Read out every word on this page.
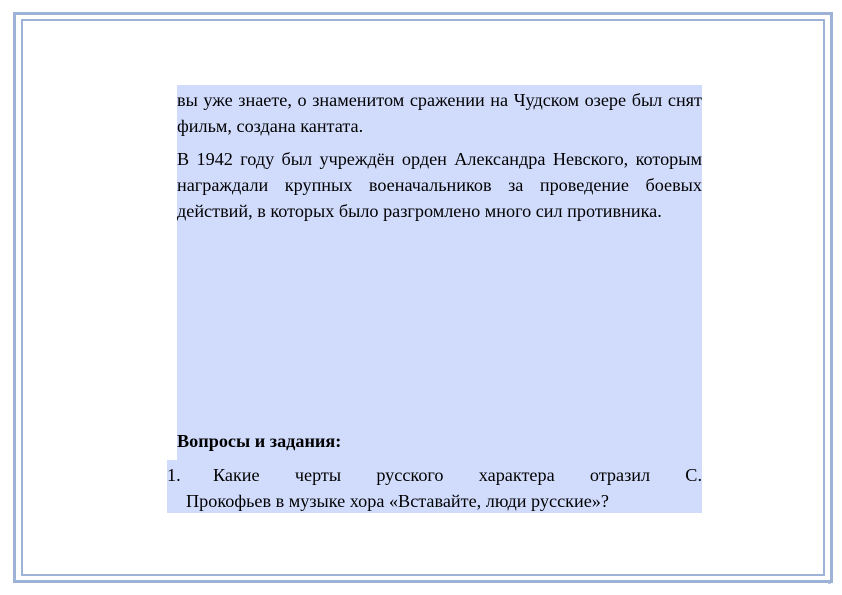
вы уже знаете, о знаменитом сражении на Чудском озере был снят фильм, создана кантата.
В 1942 году был учреждён орден Александра Невского, которым награждали крупных военачальников за проведение боевых действий, в которых было разгромлено много сил противника.
Вопросы и задания:
1. Какие черты русского характера отразил С.
Прокофьев в музыке хора «Вставайте, люди русские»?
